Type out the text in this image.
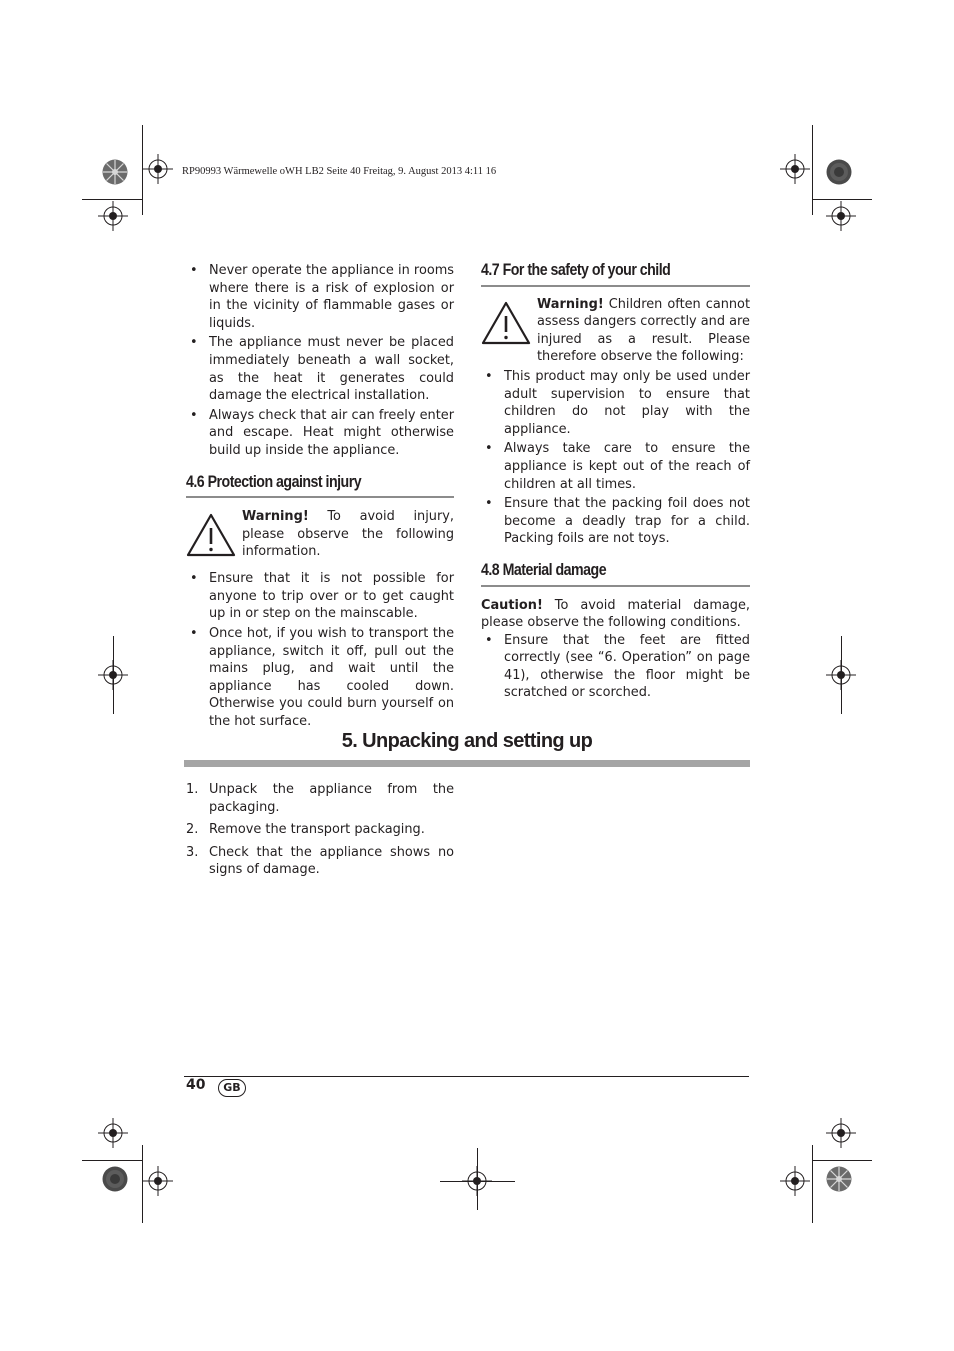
RP90993 Wärmewelle oWH LB2 Seite 40 Freitag, 9. August 2013 4:11 16
• Never operate the appliance in rooms where there is a risk of explosion or in the vicinity of flammable gases or liquids.
• The appliance must never be placed immediately beneath a wall socket, as the heat it generates could damage the electrical installation.
• Always check that air can freely enter and escape. Heat might otherwise build up inside the appliance.
4.6 Protection against injury

Warning! To avoid injury, please observe the following information.

• Ensure that it is not possible for anyone to trip over or to get caught up in or step on the mainscable.
• Once hot, if you wish to transport the appliance, switch it off, pull out the mains plug, and wait until the appliance has cooled down. Otherwise you could burn yourself on the hot surface.
4.7 For the safety of your child

Warning! Children often cannot assess dangers correctly and are injured as a result. Please therefore observe the following:

• This product may only be used under adult supervision to ensure that children do not play with the appliance.
• Always take care to ensure the appliance is kept out of the reach of children at all times.
• Ensure that the packing foil does not become a deadly trap for a child. Packing foils are not toys.
4.8 Material damage

Caution! To avoid material damage, please observe the following conditions.

• Ensure that the feet are fitted correctly (see “6. Operation” on page 41), otherwise the floor might be scratched or scorched.
5. Unpacking and setting up
1. Unpack the appliance from the packaging.
2. Remove the transport packaging.
3. Check that the appliance shows no signs of damage.
40	GB
